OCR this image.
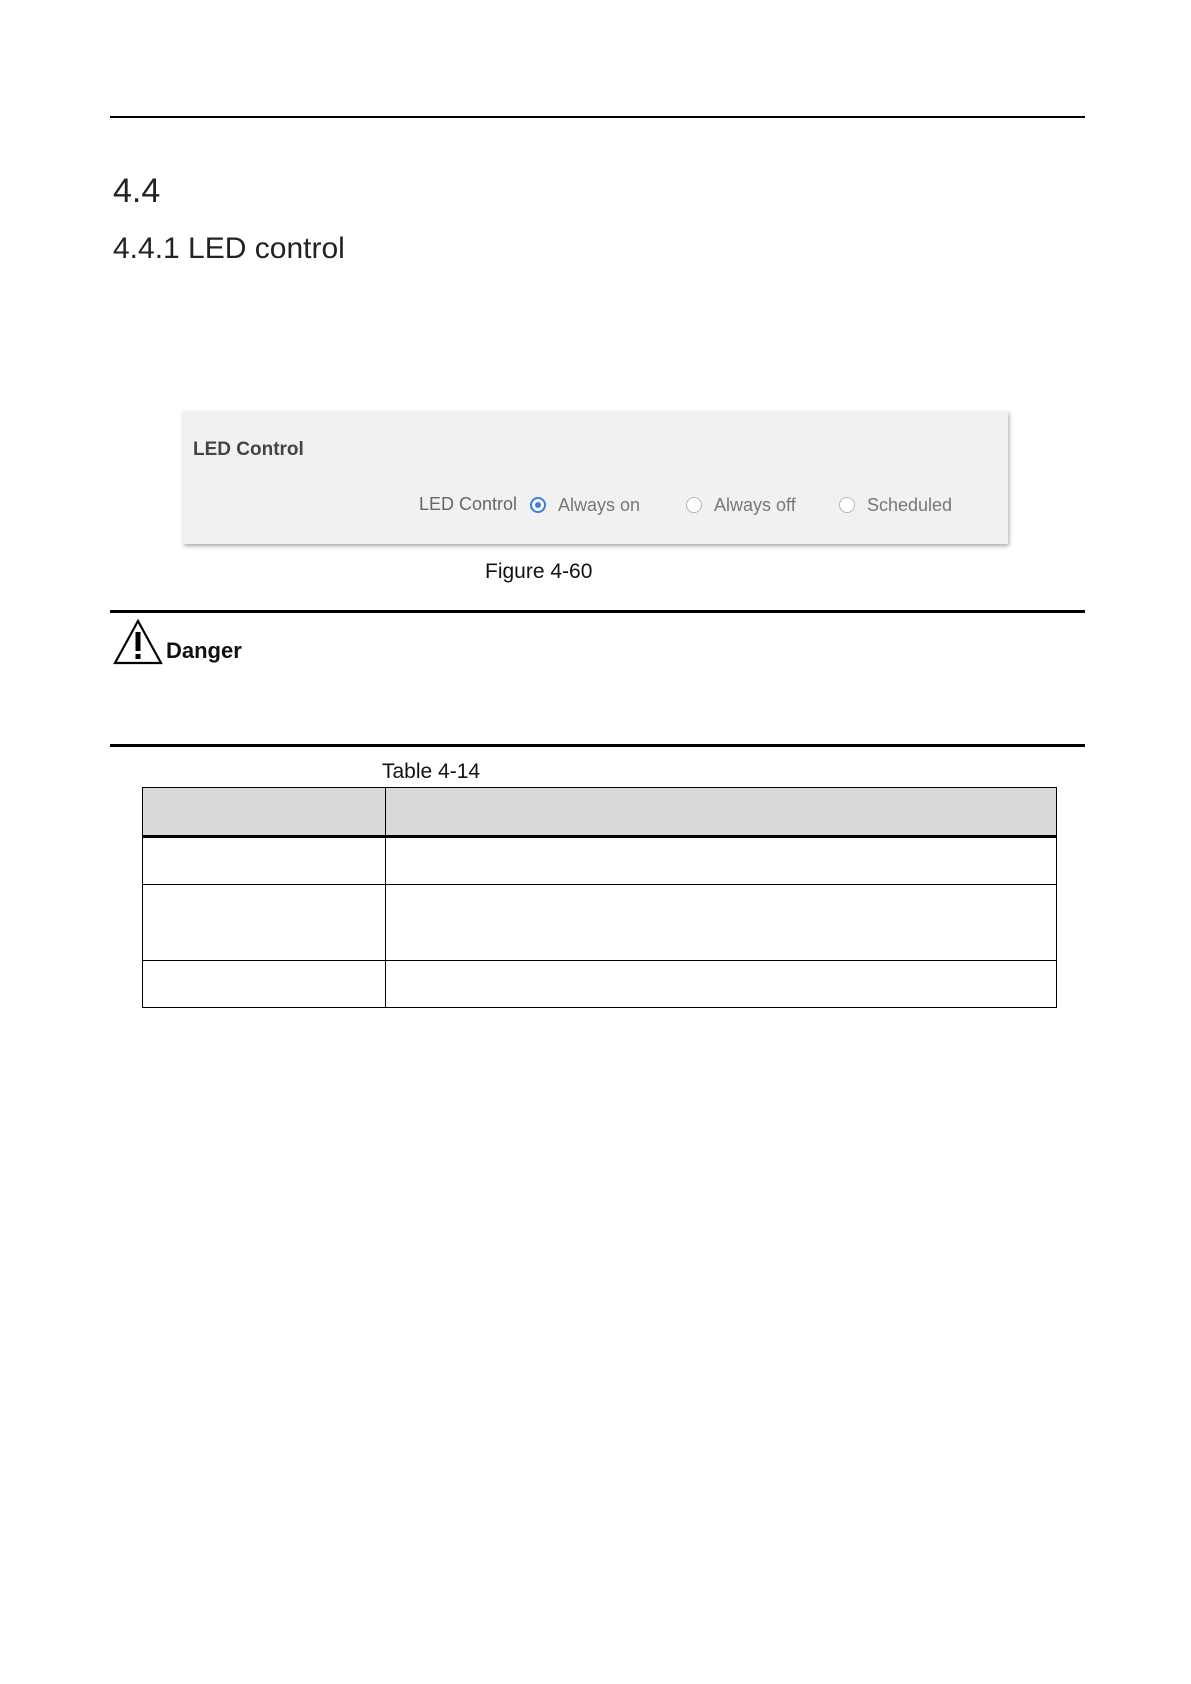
4.4
4.4.1 LED control
LED Control
LED Control Always on	Always off	Scheduled
Figure 4-60
Danger
Table 4-14
